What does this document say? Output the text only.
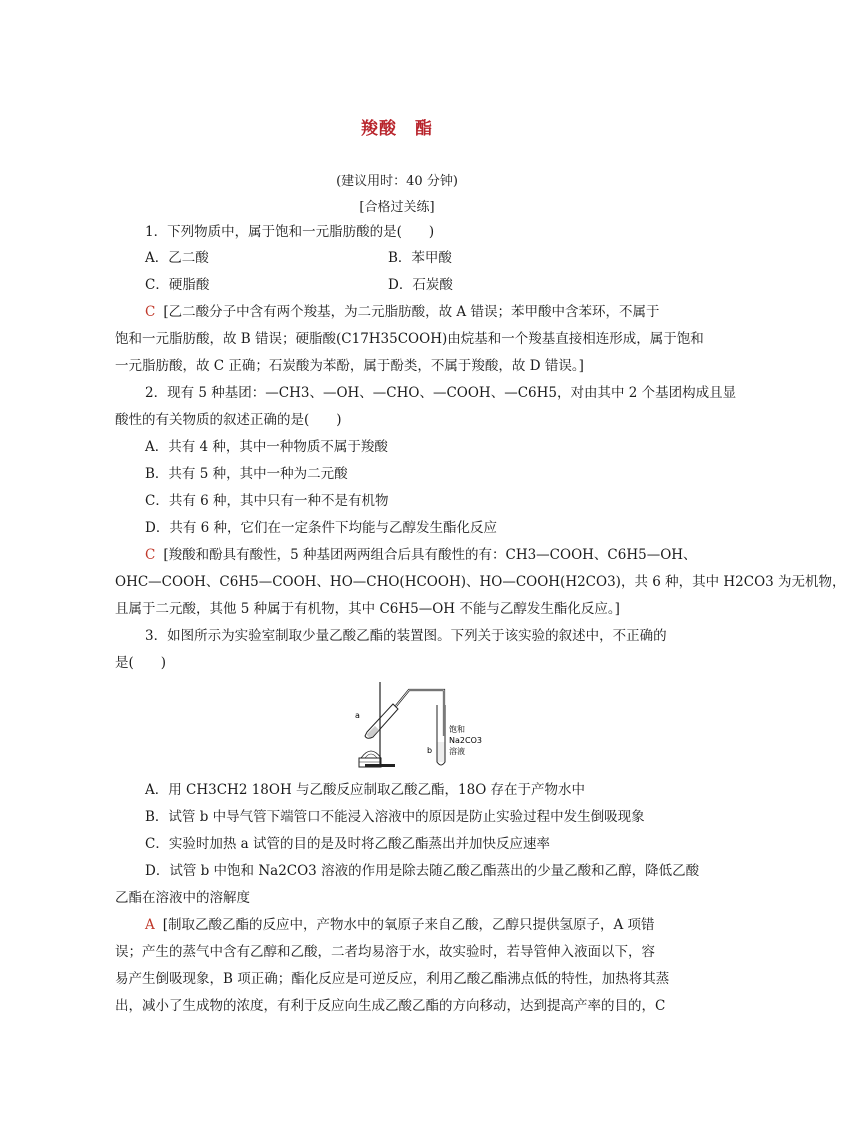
羧酸　酯
(建议用时：40 分钟)
[合格过关练]
1．下列物质中，属于饱和一元脂肪酸的是(　　)
A．乙二酸	B．苯甲酸
C．硬脂酸	D．石炭酸
C [乙二酸分子中含有两个羧基，为二元脂肪酸，故 A 错误；苯甲酸中含苯环，不属于
饱和一元脂肪酸，故 B 错误；硬脂酸(C17H35COOH)由烷基和一个羧基直接相连形成，属于饱和
一元脂肪酸，故 C 正确；石炭酸为苯酚，属于酚类，不属于羧酸，故 D 错误。]
2．现有 5 种基团：—CH3、—OH、—CHO、—COOH、—C6H5，对由其中 2 个基团构成且显
酸性的有关物质的叙述正确的是(　　)
A．共有 4 种，其中一种物质不属于羧酸
B．共有 5 种，其中一种为二元酸
C．共有 6 种，其中只有一种不是有机物
D．共有 6 种，它们在一定条件下均能与乙醇发生酯化反应
C [羧酸和酚具有酸性，5 种基团两两组合后具有酸性的有：CH3—COOH、C6H5—OH、
OHC—COOH、C6H5—COOH、HO—CHO(HCOOH)、HO—COOH(H2CO3)，共 6 种，其中 H2CO3 为无机物，
且属于二元酸，其他 5 种属于有机物，其中 C6H5—OH 不能与乙醇发生酯化反应。]
3．如图所示为实验室制取少量乙酸乙酯的装置图。下列关于该实验的叙述中，不正确的
是(　　)
a
b
饱和
Na2CO3
溶液
A．用 CH3CH2 18OH 与乙酸反应制取乙酸乙酯，18O 存在于产物水中
B．试管 b 中导气管下端管口不能浸入溶液中的原因是防止实验过程中发生倒吸现象
C．实验时加热 a 试管的目的是及时将乙酸乙酯蒸出并加快反应速率
D．试管 b 中饱和 Na2CO3 溶液的作用是除去随乙酸乙酯蒸出的少量乙酸和乙醇，降低乙酸
乙酯在溶液中的溶解度
A [制取乙酸乙酯的反应中，产物水中的氧原子来自乙酸，乙醇只提供氢原子，A 项错
误；产生的蒸气中含有乙醇和乙酸，二者均易溶于水，故实验时，若导管伸入液面以下，容
易产生倒吸现象，B 项正确；酯化反应是可逆反应，利用乙酸乙酯沸点低的特性，加热将其蒸
出，减小了生成物的浓度，有利于反应向生成乙酸乙酯的方向移动，达到提高产率的目的，C
